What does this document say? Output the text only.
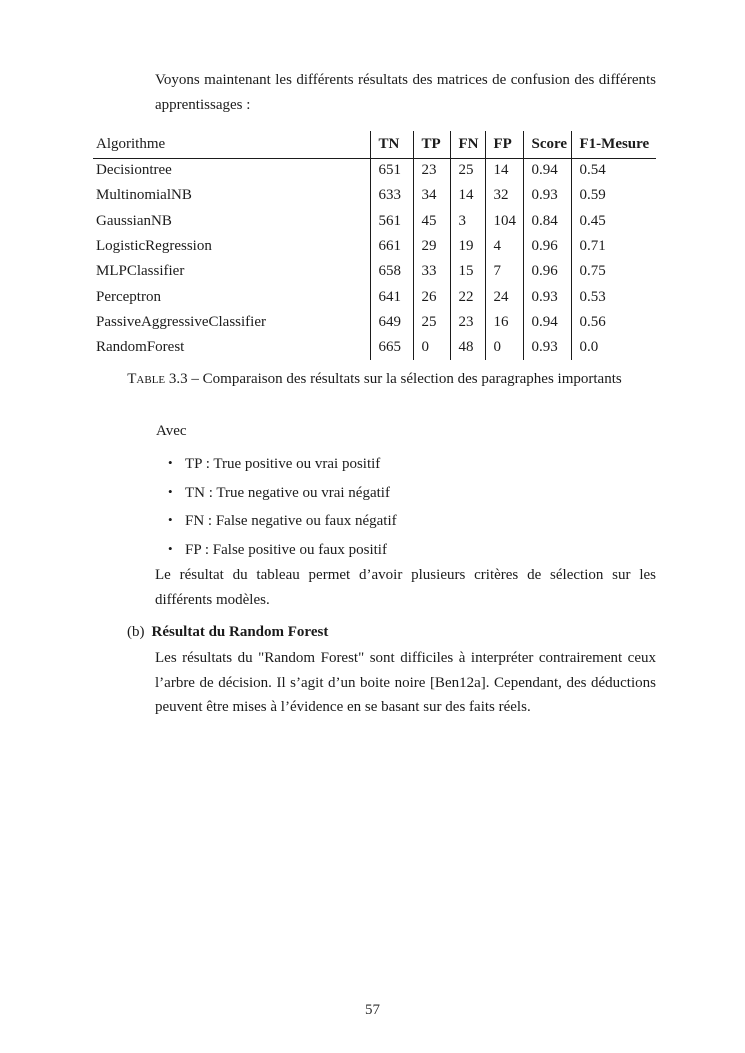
Voyons maintenant les différents résultats des matrices de confusion des différents apprentissages :

Algorithme	TN	TP	FN	FP	Score	F1-Mesure
Decisiontree	651	23	25	14	0.94	0.54
MultinomialNB	633	34	14	32	0.93	0.59
GaussianNB	561	45	3	104	0.84	0.45
LogisticRegression	661	29	19	4	0.96	0.71
MLPClassifier	658	33	15	7	0.96	0.75
Perceptron	641	26	22	24	0.93	0.53
PassiveAggressiveClassifier	649	25	23	16	0.94	0.56
RandomForest	665	0	48	0	0.93	0.0
Table 3.3 – Comparaison des résultats sur la sélection des paragraphes importants

Avec

• TP : True positive ou vrai positif
• TN : True negative ou vrai négatif
• FN : False negative ou faux négatif
• FP : False positive ou faux positif

Le résultat du tableau permet d’avoir plusieurs critères de sélection sur les différents modèles.

(b) Résultat du Random Forest

Les résultats du "Random Forest" sont difficiles à interpréter contrairement ceux l’arbre de décision. Il s’agit d’un boite noire [Ben12a]. Cependant, des déductions peuvent être mises à l’évidence en se basant sur des faits réels.

57
